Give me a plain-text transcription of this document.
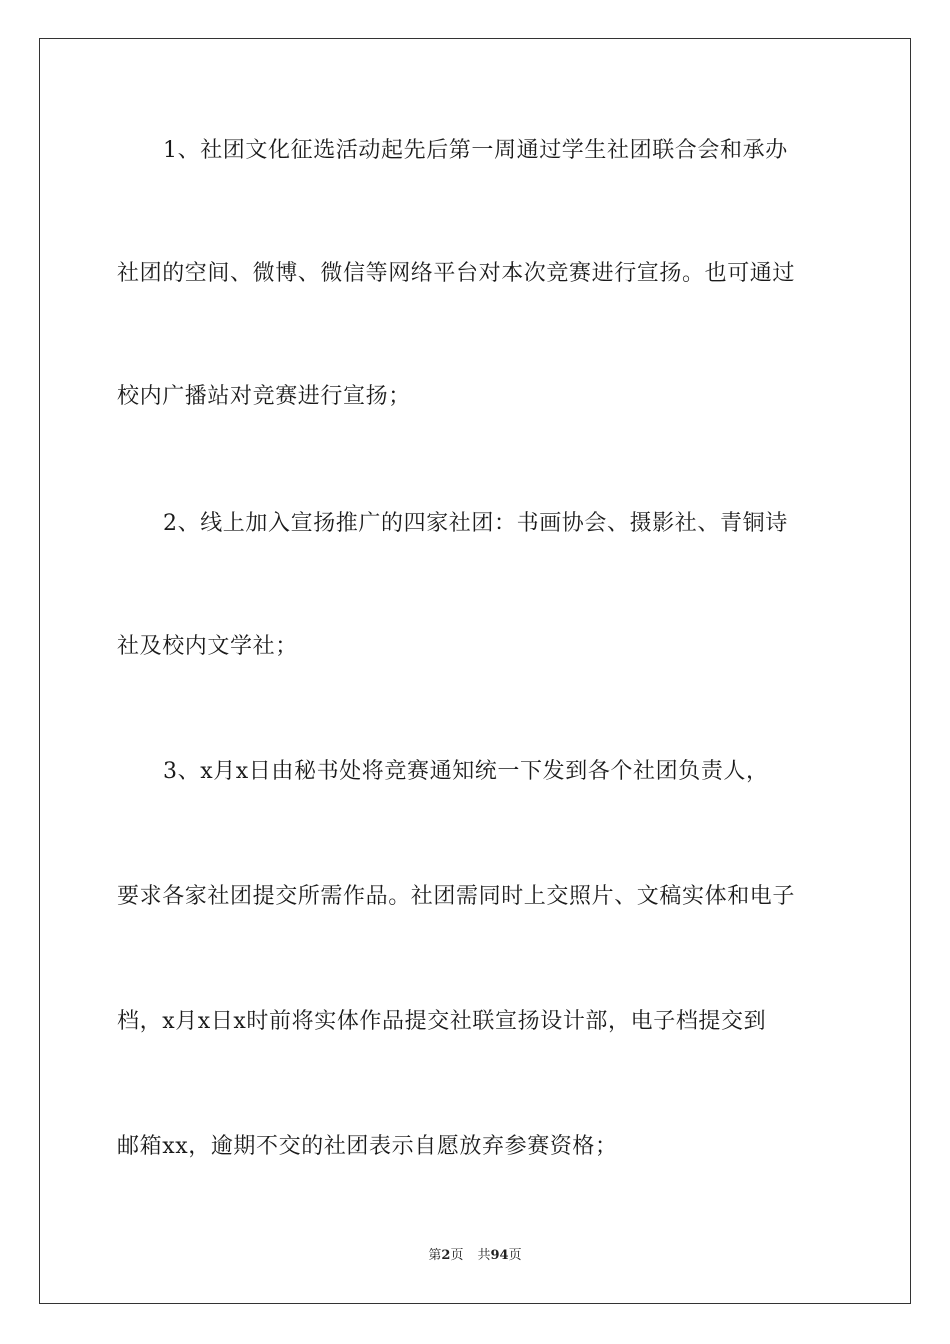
1、社团文化征选活动起先后第一周通过学生社团联合会和承办
社团的空间、微博、微信等网络平台对本次竞赛进行宣扬。也可通过
校内广播站对竞赛进行宣扬；
2、线上加入宣扬推广的四家社团：书画协会、摄影社、青铜诗
社及校内文学社；
3、x月x日由秘书处将竞赛通知统一下发到各个社团负责人，
要求各家社团提交所需作品。社团需同时上交照片、文稿实体和电子
档，x月x日x时前将实体作品提交社联宣扬设计部，电子档提交到
邮箱xx，逾期不交的社团表示自愿放弃参赛资格；
第2页 共94页
